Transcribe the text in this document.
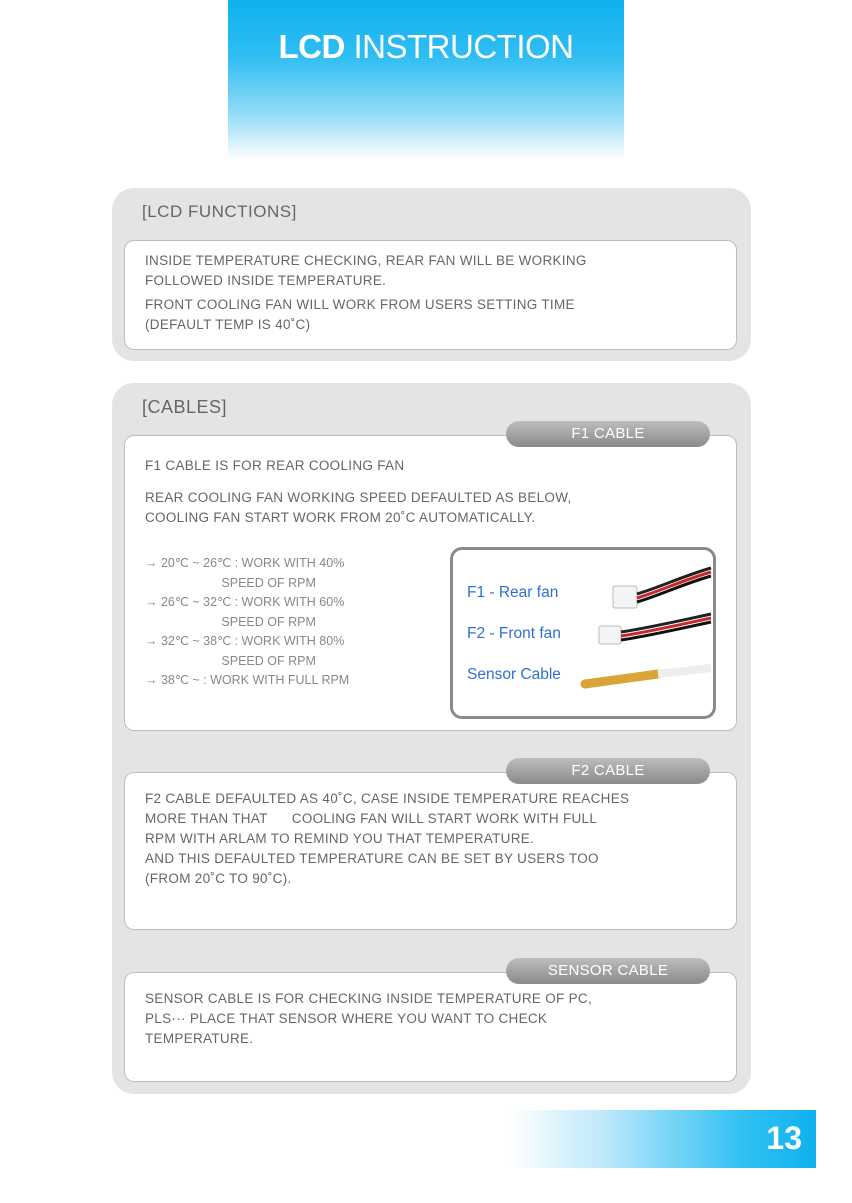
LCD INSTRUCTION
[LCD FUNCTIONS]
INSIDE TEMPERATURE CHECKING, REAR FAN WILL BE WORKING
FOLLOWED INSIDE TEMPERATURE.
FRONT COOLING FAN WILL WORK FROM USERS SETTING TIME
(DEFAULT TEMP IS 40˚C)
[CABLES]
F1 CABLE IS FOR REAR COOLING FAN
REAR COOLING FAN WORKING SPEED DEFAULTED AS BELOW,
COOLING FAN START WORK FROM 20˚C AUTOMATICALLY.
→ 20℃ ~ 26℃ : WORK WITH 40%
SPEED OF RPM
→ 26℃ ~ 32℃ : WORK WITH 60%
SPEED OF RPM
→ 32℃ ~ 38℃ : WORK WITH 80%
SPEED OF RPM
→ 38℃ ~ : WORK WITH FULL RPM
F1 CABLE
F2 CABLE DEFAULTED AS 40˚C, CASE INSIDE TEMPERATURE REACHES
MORE THAN THAT      COOLING FAN WILL START WORK WITH FULL
RPM WITH ARLAM TO REMIND YOU THAT TEMPERATURE.
AND THIS DEFAULTED TEMPERATURE CAN BE SET BY USERS TOO
(FROM 20˚C TO 90˚C).
F2 CABLE
SENSOR CABLE IS FOR CHECKING INSIDE TEMPERATURE OF PC,
PLS··· PLACE THAT SENSOR WHERE YOU WANT TO CHECK
TEMPERATURE.
SENSOR CABLE
F1 - Rear fan
F2 - Front fan
Sensor Cable
13
